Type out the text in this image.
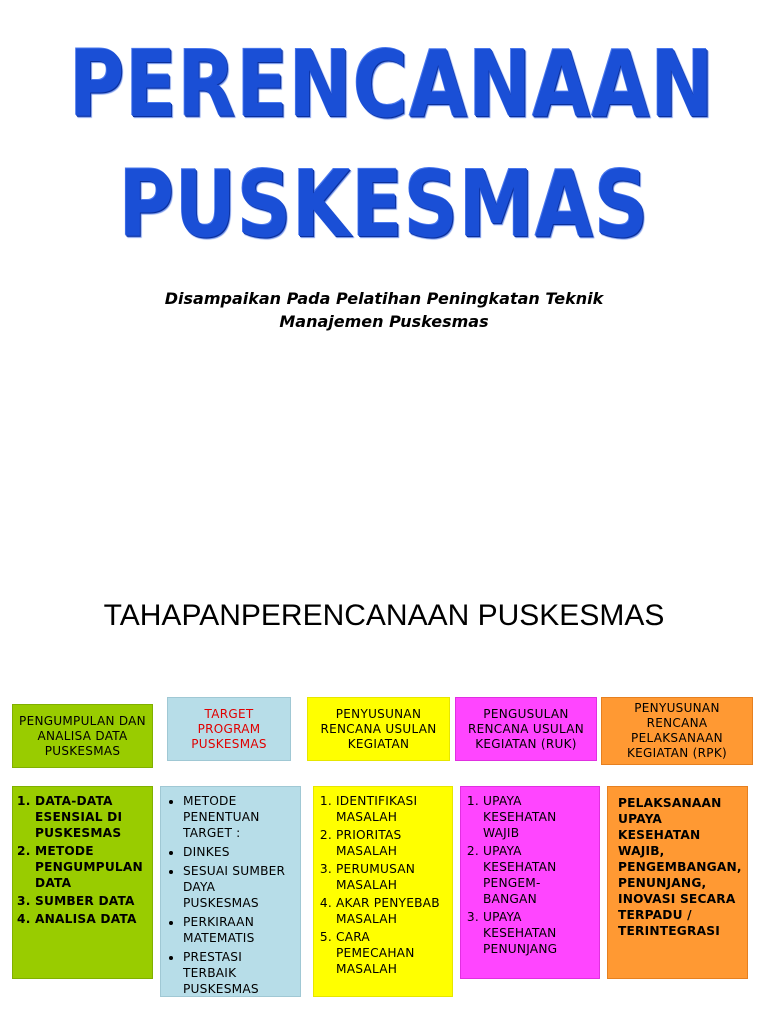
PERENCANAAN
PUSKESMAS
Disampaikan Pada Pelatihan Peningkatan Teknik
Manajemen Puskesmas
TAHAPANPERENCANAAN PUSKESMAS
PENGUMPULAN DAN ANALISA DATA PUSKESMAS
TARGET PROGRAM PUSKESMAS
PENYUSUNAN RENCANA USULAN KEGIATAN
PENGUSULAN RENCANA USULAN KEGIATAN (RUK)
PENYUSUNAN RENCANA PELAKSANAAN KEGIATAN (RPK)
1. DATA-DATA ESENSIAL DI PUSKESMAS
2. METODE PENGUMPULAN DATA
3. SUMBER DATA
4. ANALISA DATA
• METODE PENENTUAN TARGET :
• DINKES
• SESUAI SUMBER DAYA PUSKESMAS
• PERKIRAAN MATEMATIS
• PRESTASI TERBAIK PUSKESMAS
1. IDENTIFIKASI MASALAH
2. PRIORITAS MASALAH
3. PERUMUSAN MASALAH
4. AKAR PENYEBAB MASALAH
5. CARA PEMECAHAN MASALAH
1. UPAYA KESEHATAN WAJIB
2. UPAYA KESEHATAN PENGEM-BANGAN
3. UPAYA KESEHATAN PENUNJANG
PELAKSANAAN UPAYA KESEHATAN WAJIB, PENGEMBANGAN, PENUNJANG, INOVASI SECARA TERPADU / TERINTEGRASI
